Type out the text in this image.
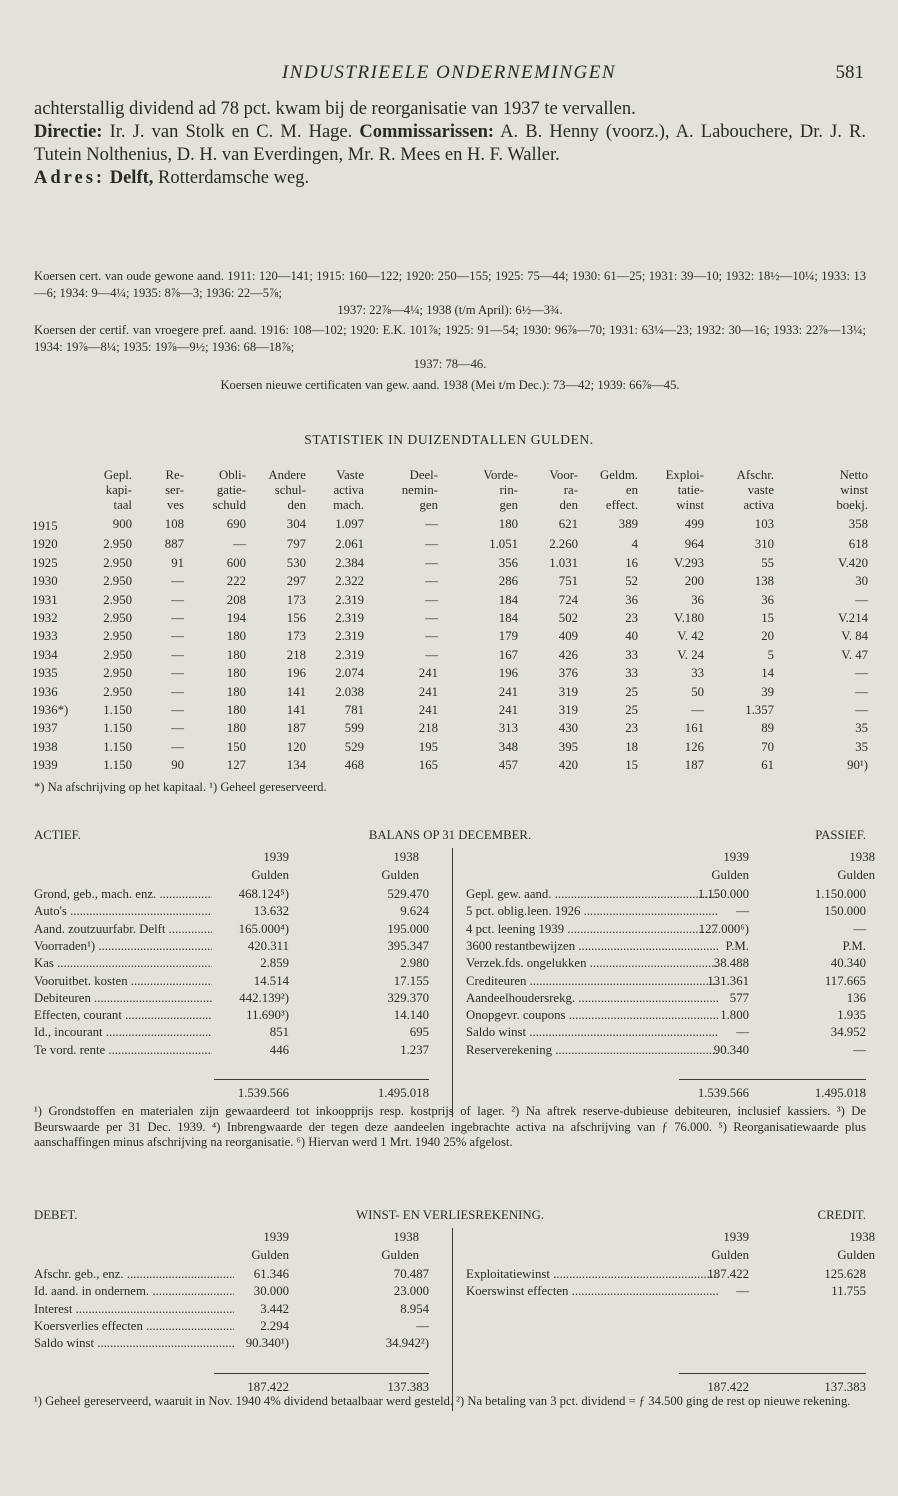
INDUSTRIEELE ONDERNEMINGEN	581

achterstallig dividend ad 78 pct. kwam bij de reorganisatie van 1937 te vervallen.

Directie: Ir. J. van Stolk en C. M. Hage. Commissarissen: A. B. Henny (voorz.), A. Labouchere, Dr. J. R. Tutein Nolthenius, D. H. van Everdingen, Mr. R. Mees en H. F. Waller.

Adres: Delft, Rotterdamsche weg.

Koersen cert. van oude gewone aand. 1911: 120—141; 1915: 160—122; 1920: 250—155; 1925: 75—44; 1930: 61—25; 1931: 39—10; 1932: 18½—10¼; 1933: 13—6; 1934: 9—4¼; 1935: 8⅞—3; 1936: 22—5⅞;

1937: 22⅞—4¼; 1938 (t/m April): 6½—3¾.

Koersen der certif. van vroegere pref. aand. 1916: 108—102; 1920: E.K. 101⅞; 1925: 91—54; 1930: 96⅞—70; 1931: 63¼—23; 1932: 30—16; 1933: 22⅞—13¼; 1934: 19⅞—8¼; 1935: 19⅞—9½; 1936: 68—18⅞;

1937: 78—46.

Koersen nieuwe certificaten van gew. aand. 1938 (Mei t/m Dec.): 73—42; 1939: 66⅞—45.

STATISTIEK IN DUIZENDTALLEN GULDEN.
	Gepl.	Re-	Obli-	Andere	Vaste	Deel-	Vorde-	Voor-	Geldm.	Exploi-	Afschr.	Netto
	kapi-	ser-	gatie-	schul-	activa	nemin-	rin-	ra-	en	tatie-	vaste	winst
	taal	ves	schuld	den	mach.	gen	gen	den	effect.	winst	activa	boekj.
1915	900	108	690	304	1.097	—	180	621	389	499	103	358
1920	2.950	887	—	797	2.061	—	1.051	2.260	4	964	310	618
1925	2.950	91	600	530	2.384	—	356	1.031	16	V.293	55	V.420
1930	2.950	—	222	297	2.322	—	286	751	52	200	138	30
1931	2.950	—	208	173	2.319	—	184	724	36	36	36	—
1932	2.950	—	194	156	2.319	—	184	502	23	V.180	15	V.214
1933	2.950	—	180	173	2.319	—	179	409	40	V. 42	20	V. 84
1934	2.950	—	180	218	2.319	—	167	426	33	V. 24	5	V. 47
1935	2.950	—	180	196	2.074	241	196	376	33	33	14	—
1936	2.950	—	180	141	2.038	241	241	319	25	50	39	—
1936*)	1.150	—	180	141	781	241	241	319	25	—	1.357	—
1937	1.150	—	180	187	599	218	313	430	23	161	89	35
1938	1.150	—	150	120	529	195	348	395	18	126	70	35
1939	1.150	90	127	134	468	165	457	420	15	187	61	90¹)
*) Na afschrijving op het kapitaal. ¹) Geheel gereserveerd.
ACTIEF.	BALANS OP 31 DECEMBER.	PASSIEF.
1939	1938
Gulden	Gulden
1939	1938
Gulden	Gulden
Grond, geb., mach. enz. .....	468.124⁵)	529.470
Auto's .....	13.632	9.624
Aand. zoutzuurfabr. Delft .....	165.000⁴)	195.000
Voorraden¹) .....	420.311	395.347
Kas .....	2.859	2.980
Vooruitbet. kosten .....	14.514	17.155
Debiteuren .....	442.139²)	329.370
Effecten, courant .....	11.690³)	14.140
Id., incourant .....	851	695
Te vord. rente .....	446	1.237
Gepl. gew. aand. .....	1.150.000	1.150.000
5 pct. oblig.leen. 1926 .....	—	150.000
4 pct. leening 1939 .....	127.000⁶)	—
3600 restantbewijzen .....	P.M.	P.M.
Verzek.fds. ongelukken .....	38.488	40.340
Crediteuren .....	131.361	117.665
Aandeelhoudersrekg. .....	577	136
Onopgevr. coupons .....	1.800	1.935
Saldo winst .....	—	34.952
Reserverekening .....	90.340	—
1.539.566	1.495.018	1.539.566	1.495.018

¹) Grondstoffen en materialen zijn gewaardeerd tot inkoopprijs resp. kostprijs of lager. ²) Na aftrek reserve-dubieuse debiteuren, inclusief kassiers. ³) De Beurswaarde per 31 Dec. 1939. ⁴) Inbrengwaarde der tegen deze aandeelen ingebrachte activa na afschrijving van ƒ 76.000. ⁵) Reorganisatiewaarde plus aanschaffingen minus afschrijving na reorganisatie. ⁶) Hiervan werd 1 Mrt. 1940 25% afgelost.

DEBET.	WINST- EN VERLIESREKENING.	CREDIT.
1939	1938
Gulden	Gulden
1939	1938
Gulden	Gulden
Afschr. geb., enz. .....	61.346	70.487
Id. aand. in ondernem. .....	30.000	23.000
Interest .....	3.442	8.954
Koersverlies effecten .....	2.294	—
Saldo winst .....	90.340¹)	34.942²)
Exploitatiewinst .....	187.422	125.628
Koerswinst effecten .....	—	11.755
187.422	137.383	187.422	137.383

¹) Geheel gereserveerd, waaruit in Nov. 1940 4% dividend betaalbaar werd gesteld. ²) Na betaling van 3 pct. dividend = ƒ 34.500 ging de rest op nieuwe rekening.
